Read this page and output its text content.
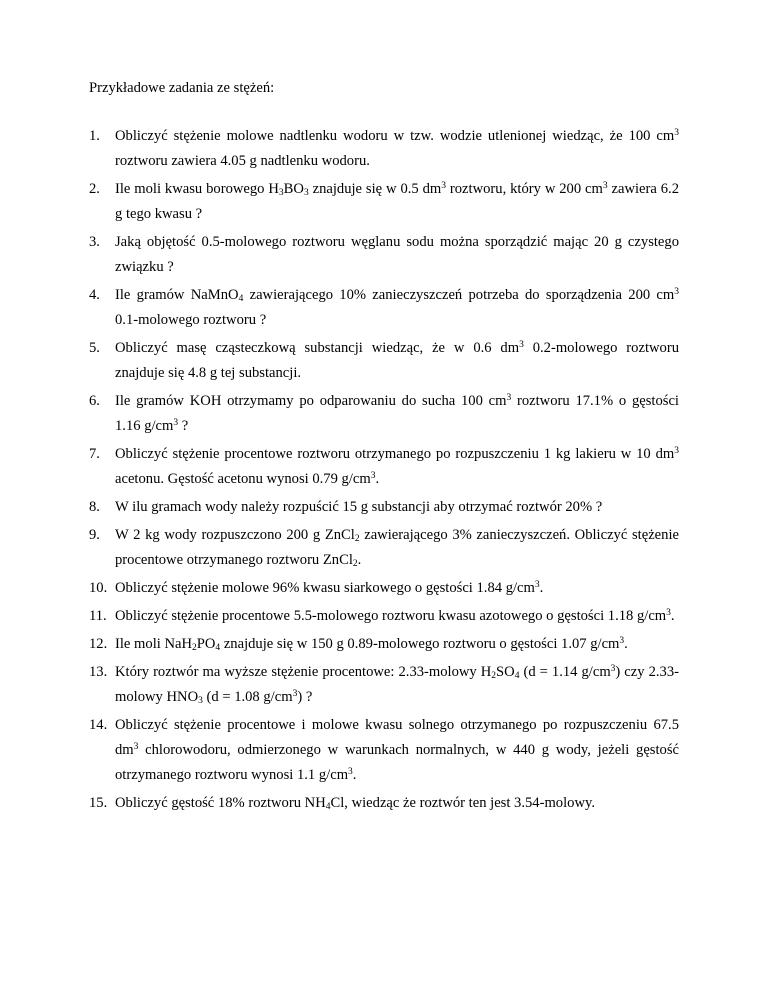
Przykładowe zadania ze stężeń:
1. Obliczyć stężenie molowe nadtlenku wodoru w tzw. wodzie utlenionej wiedząc, że 100 $cm^3$ roztworu zawiera 4.05 g nadtlenku wodoru.
2. Ile moli kwasu borowego $H_3BO_3$ znajduje się w 0.5 $dm^3$ roztworu, który w 200 $cm^3$ zawiera 6.2 g tego kwasu ?
3. Jaką objętość 0.5-molowego roztworu węglanu sodu można sporządzić mając 20 g czystego związku ?
4. Ile gramów NaMnO$_4$ zawierającego 10% zanieczyszczeń potrzeba do sporządzenia 200 $cm^3$ 0.1-molowego roztworu ?
5. Obliczyć masę cząsteczkową substancji wiedząc, że w 0.6 $dm^3$ 0.2-molowego roztworu znajduje się 4.8 g tej substancji.
6. Ile gramów KOH otrzymamy po odparowaniu do sucha 100 $cm^3$ roztworu 17.1% o gęstości 1.16 $g/cm^3$ ?
7. Obliczyć stężenie procentowe roztworu otrzymanego po rozpuszczeniu 1 kg lakieru w 10 $dm^3$ acetonu. Gęstość acetonu wynosi 0.79 $g/cm^3$.
8. W ilu gramach wody należy rozpuścić 15 g substancji aby otrzymać roztwór 20% ?
9. W 2 kg wody rozpuszczono 200 g ZnCl$_2$ zawierającego 3% zanieczyszczeń. Obliczyć stężenie procentowe otrzymanego roztworu ZnCl$_2$.
10. Obliczyć stężenie molowe 96% kwasu siarkowego o gęstości 1.84 $g/cm^3$.
11. Obliczyć stężenie procentowe 5.5-molowego roztworu kwasu azotowego o gęstości 1.18 $g/cm^3$.
12. Ile moli $NaH_2PO_4$ znajduje się w 150 g 0.89-molowego roztworu o gęstości 1.07 $g/cm^3$.
13. Który roztwór ma wyższe stężenie procentowe: 2.33-molowy $H_2SO_4$ (d = 1.14 $g/cm^3$) czy 2.33-molowy $HNO_3$ (d = 1.08 $g/cm^3$) ?
14. Obliczyć stężenie procentowe i molowe kwasu solnego otrzymanego po rozpuszczeniu 67.5 $dm^3$ chlorowodoru, odmierzonego w warunkach normalnych, w 440 g wody, jeżeli gęstość otrzymanego roztworu wynosi 1.1 $g/cm^3$.
15. Obliczyć gęstość 18% roztworu $NH_4Cl$, wiedząc że roztwór ten jest 3.54-molowy.
